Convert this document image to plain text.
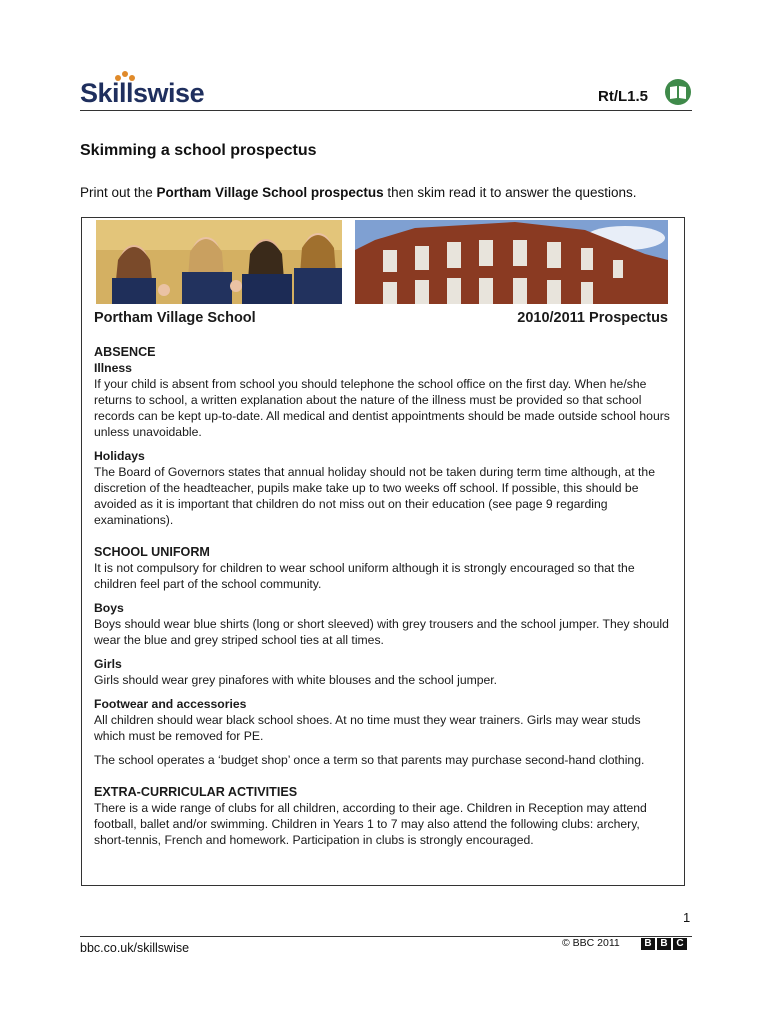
Skillswise	Rt/L1.5
Skimming a school prospectus
Print out the Portham Village School prospectus then skim read it to answer the questions.
Portham Village School	2010/2011 Prospectus
ABSENCE
Illness

If your child is absent from school you should telephone the school office on the first day. When he/she returns to school, a written explanation about the nature of the illness must be provided so that school records can be kept up-to-date. All medical and dentist appointments should be made outside school hours unless unavoidable.

Holidays

The Board of Governors states that annual holiday should not be taken during term time although, at the discretion of the headteacher, pupils make take up to two weeks off school. If possible, this should be avoided as it is important that children do not miss out on their education (see page 9 regarding examinations).

SCHOOL UNIFORM

It is not compulsory for children to wear school uniform although it is strongly encouraged so that the children feel part of the school community.

Boys

Boys should wear blue shirts (long or short sleeved) with grey trousers and the school jumper. They should wear the blue and grey striped school ties at all times.

Girls

Girls should wear grey pinafores with white blouses and the school jumper.

Footwear and accessories

All children should wear black school shoes. At no time must they wear trainers. Girls may wear studs which must be removed for PE.

The school operates a ‘budget shop’ once a term so that parents may purchase second-hand clothing.

EXTRA-CURRICULAR ACTIVITIES

There is a wide range of clubs for all children, according to their age. Children in Reception may attend football, ballet and/or swimming. Children in Years 1 to 7 may also attend the following clubs: archery, short-tennis, French and homework. Participation in clubs is strongly encouraged.

1
bbc.co.uk/skillswise	© BBC 2011	B B C
